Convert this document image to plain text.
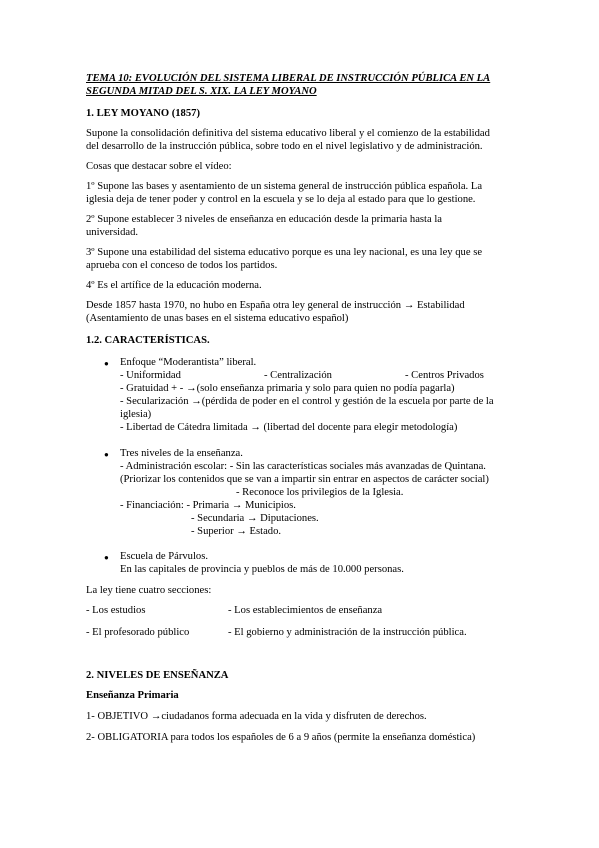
TEMA 10: EVOLUCIÓN DEL SISTEMA LIBERAL DE INSTRUCCIÓN PÚBLICA EN LA
SEGUNDA MITAD DEL S. XIX. LA LEY MOYANO
1. LEY MOYANO (1857)
Supone la consolidación definitiva del sistema educativo liberal y el comienzo de la estabilidad
del desarrollo de la instrucción pública, sobre todo en el nivel legislativo y de administración.
Cosas que destacar sobre el vídeo:
1º Supone las bases y asentamiento de un sistema general de instrucción pública española. La
iglesia deja de tener poder y control en la escuela y se lo deja al estado para que lo gestione.
2º Supone establecer 3 niveles de enseñanza en educación desde la primaria hasta la
universidad.
3º Supone una estabilidad del sistema educativo porque es una ley nacional, es una ley que se
aprueba con el conceso de todos los partidos.
4º Es el artífice de la educación moderna.
Desde 1857 hasta 1970, no hubo en España otra ley general de instrucción → Estabilidad
(Asentamiento de unas bases en el sistema educativo español)
1.2. CARACTERÍSTICAS.
● Enfoque “Moderantista” liberal.
- Uniformidad	- Centralización	- Centros Privados
- Gratuidad + - →(solo enseñanza primaria y solo para quien no podía pagarla)
- Secularización →(pérdida de poder en el control y gestión de la escuela por parte de la
iglesia)
- Libertad de Cátedra limitada → (libertad del docente para elegir metodología)
● Tres niveles de la enseñanza.
- Administración escolar: - Sin las características sociales más avanzadas de Quintana.
(Priorizar los contenidos que se van a impartir sin entrar en aspectos de carácter social)
- Reconoce los privilegios de la Iglesia.
- Financiación: - Primaria → Municipios.
- Secundaria → Diputaciones.
- Superior → Estado.
● Escuela de Párvulos.
En las capitales de provincia y pueblos de más de 10.000 personas.
La ley tiene cuatro secciones:
- Los estudios	- Los establecimientos de enseñanza
- El profesorado público	- El gobierno y administración de la instrucción pública.
2. NIVELES DE ENSEÑANZA
Enseñanza Primaria
1- OBJETIVO →ciudadanos forma adecuada en la vida y disfruten de derechos.
2- OBLIGATORIA para todos los españoles de 6 a 9 años (permite la enseñanza doméstica)
